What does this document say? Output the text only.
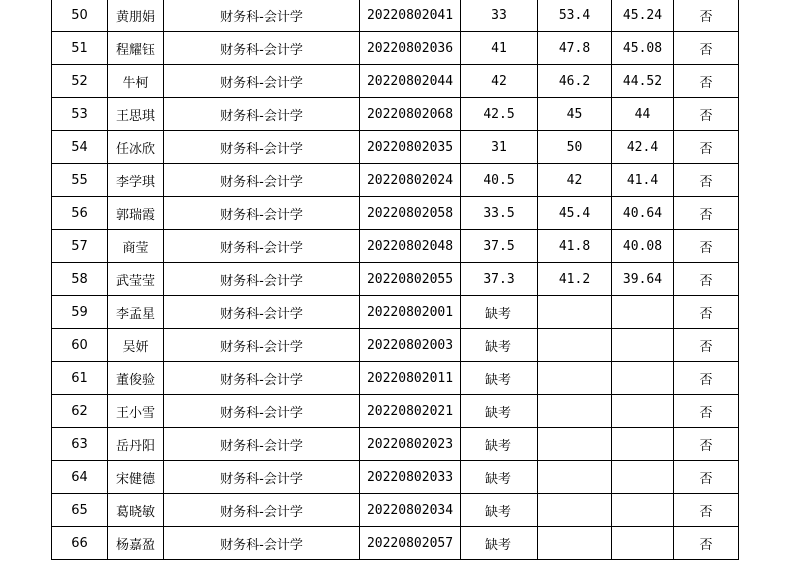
50	黄朋娟	财务科-会计学	20220802041	33	53.4	45.24	否
51	程耀钰	财务科-会计学	20220802036	41	47.8	45.08	否
52	牛柯	财务科-会计学	20220802044	42	46.2	44.52	否
53	王思琪	财务科-会计学	20220802068	42.5	45	44	否
54	任冰欣	财务科-会计学	20220802035	31	50	42.4	否
55	李学琪	财务科-会计学	20220802024	40.5	42	41.4	否
56	郭瑞霞	财务科-会计学	20220802058	33.5	45.4	40.64	否
57	商莹	财务科-会计学	20220802048	37.5	41.8	40.08	否
58	武莹莹	财务科-会计学	20220802055	37.3	41.2	39.64	否
59	李孟星	财务科-会计学	20220802001	缺考			否
60	吴妍	财务科-会计学	20220802003	缺考			否
61	董俊验	财务科-会计学	20220802011	缺考			否
62	王小雪	财务科-会计学	20220802021	缺考			否
63	岳丹阳	财务科-会计学	20220802023	缺考			否
64	宋健德	财务科-会计学	20220802033	缺考			否
65	葛晓敏	财务科-会计学	20220802034	缺考			否
66	杨嘉盈	财务科-会计学	20220802057	缺考			否
